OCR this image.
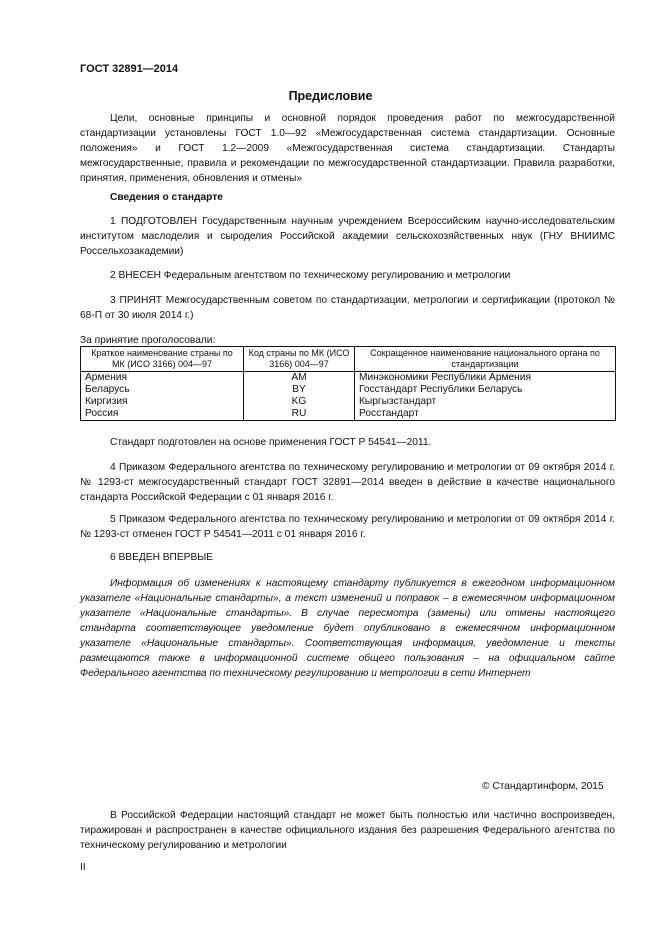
ГОСТ 32891—2014
Предисловие

Цели, основные принципы и основной порядок проведения работ по межгосударственной стандартизации установлены ГОСТ 1.0—92 «Межгосударственная система стандартизации. Основные положения» и ГОСТ 1.2—2009 «Межгосударственная система стандартизации. Стандарты межгосударственные, правила и рекомендации по межгосударственной стандартизации. Правила разработки, принятия, применения, обновления и отмены»

Сведения о стандарте

1 ПОДГОТОВЛЕН Государственным научным учреждением Всероссийским научно-исследовательским институтом маслоделия и сыроделия Российской академии сельскохозяйственных наук (ГНУ ВНИИМС Россельхозакадемии)

2 ВНЕСЕН Федеральным агентством по техническому регулированию и метрологии

3 ПРИНЯТ Межгосударственным советом по стандартизации, метрологии и сертификации (протокол № 68-П от 30 июля 2014 г.)

За принятие проголосовали:
Краткое наименование страны по МК (ИСО 3166) 004—97	Код страны по МК (ИСО 3166) 004—97	Сокращенное наименование национального органа по стандартизации
Армения	AM	Минэкономики Республики Армения
Беларусь	BY	Госстандарт Республики Беларусь
Киргизия	KG	Кыргызстандарт
Россия	RU	Росстандарт

Стандарт подготовлен на основе применения ГОСТ Р 54541—2011.

4 Приказом Федерального агентства по техническому регулированию и метрологии от 09 октября 2014 г. № 1293-ст межгосударственный стандарт ГОСТ 32891—2014 введен в действие в качестве национального стандарта Российской Федерации с 01 января 2016 г.

5 Приказом Федерального агентства по техническому регулированию и метрологии от 09 октября 2014 г. № 1293-ст отменен ГОСТ Р 54541—2011 с 01 января 2016 г.

6 ВВЕДЕН ВПЕРВЫЕ

Информация об изменениях к настоящему стандарту публикуется в ежегодном информационном указателе «Национальные стандарты», а текст изменений и поправок – в ежемесячном информационном указателе «Национальные стандарты». В случае пересмотра (замены) или отмены настоящего стандарта соответствующее уведомление будет опубликовано в ежемесячном информационном указателе «Национальные стандарты». Соответствующая информация, уведомление и тексты размещаются также в информационной системе общего пользования – на официальном сайте Федерального агентства по техническому регулированию и метрологии в сети Интернет

© Стандартинформ, 2015

В Российской Федерации настоящий стандарт не может быть полностью или частично воспроизведен, тиражирован и распространен в качестве официального издания без разрешения Федерального агентства по техническому регулированию и метрологии

II
